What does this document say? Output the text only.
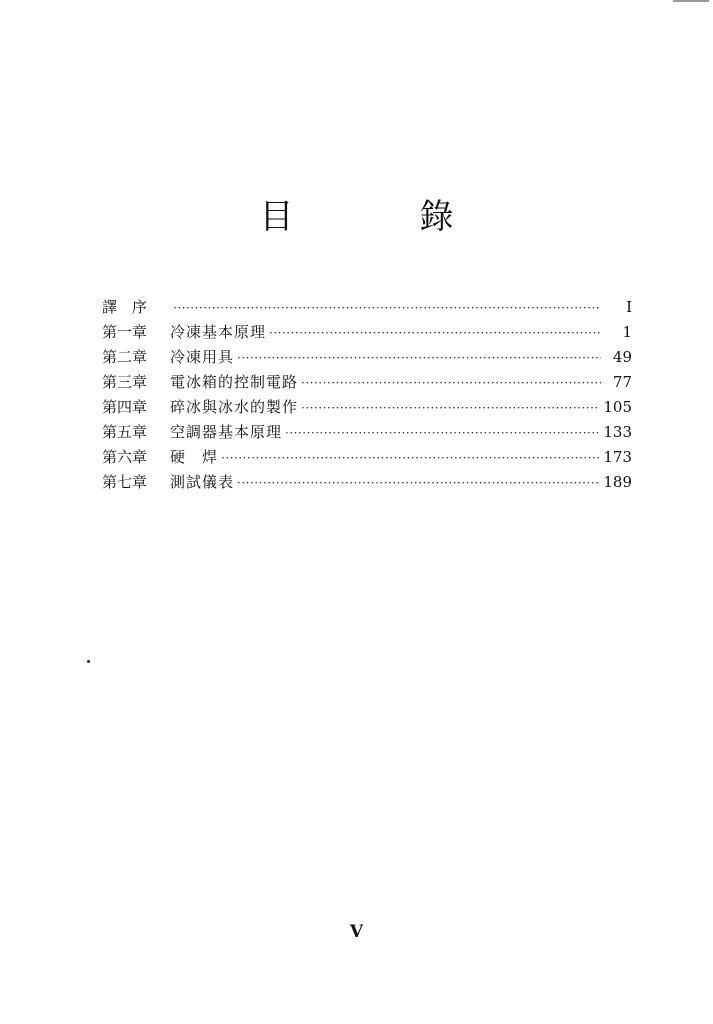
目　錄
譯　序 ·····	I
第一章	冷凍基本原理 ·····	1
第二章	冷凍用具 ·····	49
第三章	電冰箱的控制電路 ·····	77
第四章	碎冰與冰水的製作 ·····	105
第五章	空調器基本原理 ·····	133
第六章	硬　焊 ·····	173
第七章	測試儀表 ·····	189
V
